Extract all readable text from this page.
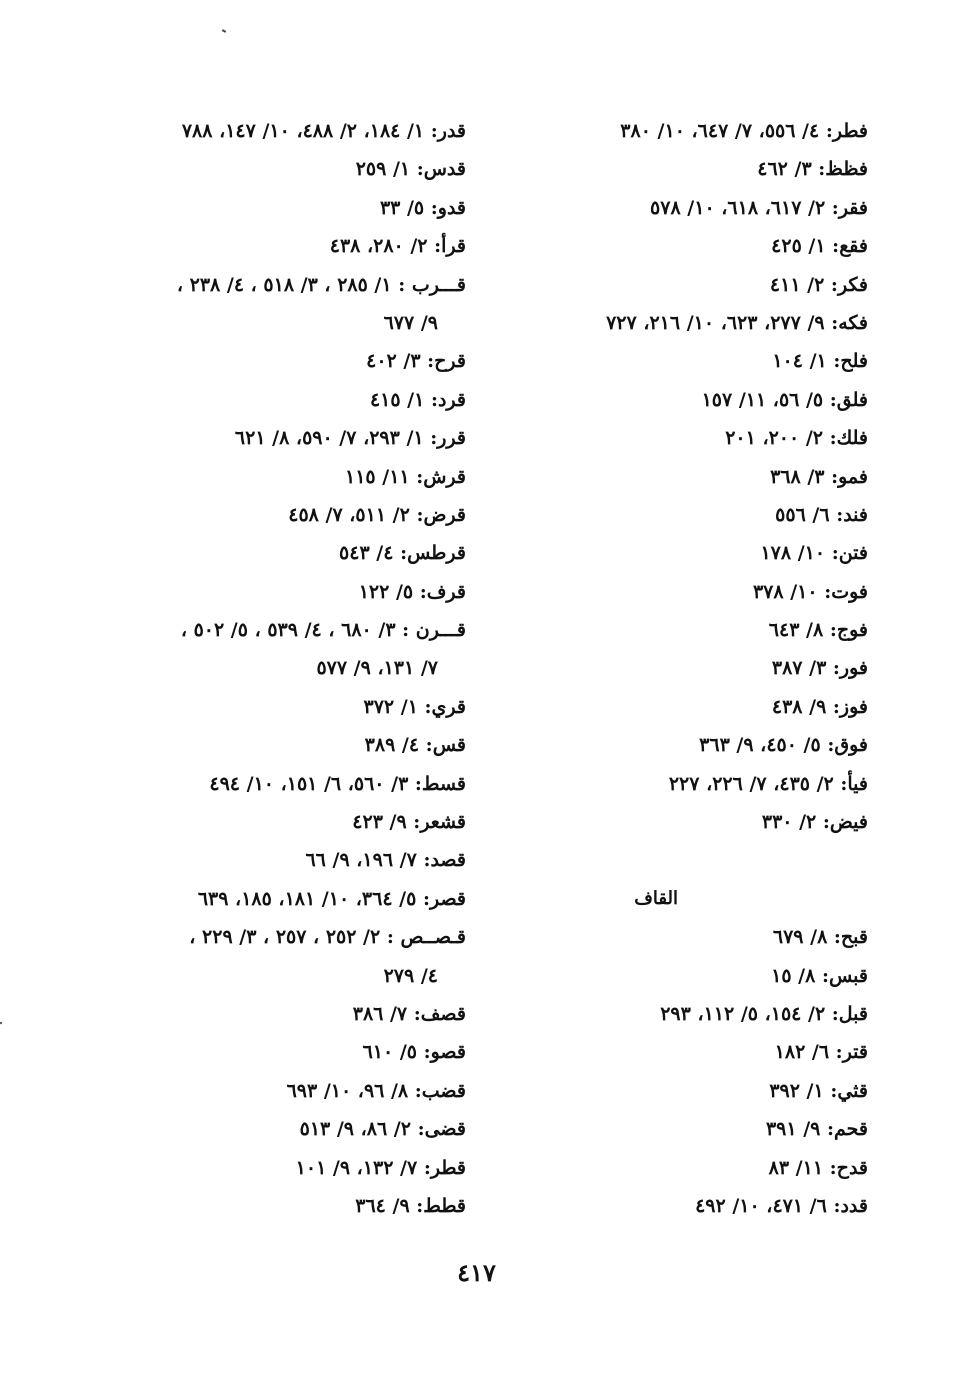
فطر: ٤/ ٥٥٦، ٧/ ٦٤٧، ١٠/ ٣٨٠
فظظ: ٣/ ٤٦٢
فقر: ٢/ ٦١٧، ٦١٨، ١٠/ ٥٧٨
فقع: ١/ ٤٢٥
فكر: ٢/ ٤١١
فكه: ٩/ ٢٧٧، ٦٢٣، ١٠/ ٢١٦، ٧٢٧
فلح: ١/ ١٠٤
فلق: ٥/ ٥٦، ١١/ ١٥٧
فلك: ٢/ ٢٠٠، ٢٠١
فمو: ٣/ ٣٦٨
فند: ٦/ ٥٥٦
فتن: ١٠/ ١٧٨
فوت: ١٠/ ٣٧٨
فوج: ٨/ ٦٤٣
فور: ٣/ ٣٨٧
فوز: ٩/ ٤٣٨
فوق: ٥/ ٤٥٠، ٩/ ٣٦٣
فيأ: ٢/ ٤٣٥، ٧/ ٢٢٦، ٢٢٧
فيض: ٢/ ٣٣٠
القاف
قبح: ٨/ ٦٧٩
قبس: ٨/ ١٥
قبل: ٢/ ١٥٤، ٥/ ١١٢، ٢٩٣
قتر: ٦/ ١٨٢
قثي: ١/ ٣٩٢
قحم: ٩/ ٣٩١
قدح: ١١/ ٨٣
قدد: ٦/ ٤٧١، ١٠/ ٤٩٢
قدر: ١/ ١٨٤، ٢/ ٤٨٨، ١٠/ ١٤٧، ٧٨٨
قدس: ١/ ٢٥٩
قدو: ٥/ ٣٣
قرأ: ٢/ ٢٨٠، ٤٣٨
قـــرب : ١/ ٢٨٥ ، ٣/ ٥١٨ ، ٤/ ٢٣٨ ،
٩/ ٦٧٧
قرح: ٣/ ٤٠٢
قرد: ١/ ٤١٥
قرر: ١/ ٢٩٣، ٧/ ٥٩٠، ٨/ ٦٢١
قرش: ١١/ ١١٥
قرض: ٢/ ٥١١، ٧/ ٤٥٨
قرطس: ٤/ ٥٤٣
قرف: ٥/ ١٢٢
قـــرن : ٣/ ٦٨٠ ، ٤/ ٥٣٩ ، ٥/ ٥٠٢ ،
٧/ ١٣١، ٩/ ٥٧٧
قري: ١/ ٣٧٢
قس: ٤/ ٣٨٩
قسط: ٣/ ٥٦٠، ٦/ ١٥١، ١٠/ ٤٩٤
قشعر: ٩/ ٤٢٣
قصد: ٧/ ١٩٦، ٩/ ٦٦
قصر: ٥/ ٣٦٤، ١٠/ ١٨١، ١٨٥، ٦٣٩
قـصــص : ٢/ ٢٥٢ ، ٢٥٧ ، ٣/ ٢٢٩ ،
٤/ ٢٧٩
قصف: ٧/ ٣٨٦
قصو: ٥/ ٦١٠
قضب: ٨/ ٩٦، ١٠/ ٦٩٣
قضى: ٢/ ٨٦، ٩/ ٥١٣
قطر: ٧/ ١٣٢، ٩/ ١٠١
قطط: ٩/ ٣٦٤
٤١٧
